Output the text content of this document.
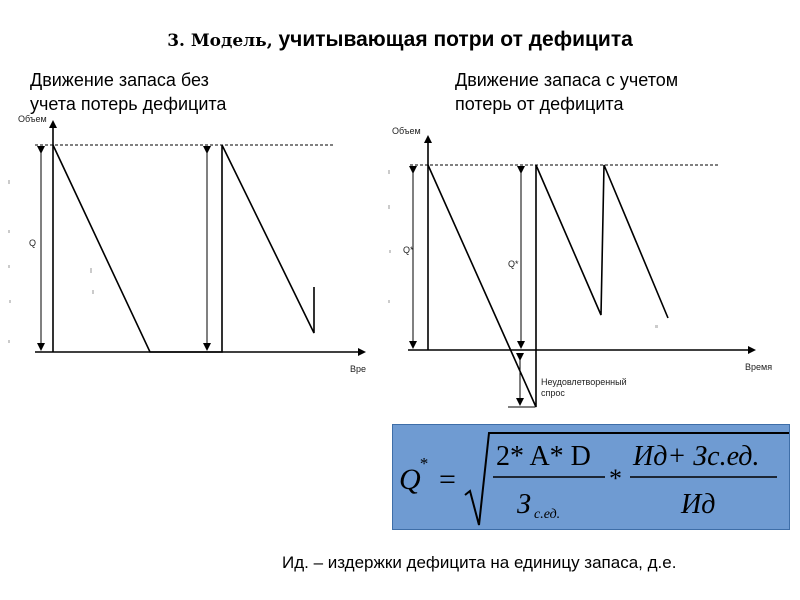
3. Модель, учитывающая потри от дефицита
Движение запаса без
учета потерь дефицита
Движение запаса с учетом
потерь от дефицита
Объем
Вре
Q
Объем
Время
Q*
Q*
Неудовлетворенный
спрос
Q
* =
2* A* D
З с.ед.
*
Ид+ Зс.ед.
Ид
Ид. – издержки дефицита на единицу запаса, д.е.
